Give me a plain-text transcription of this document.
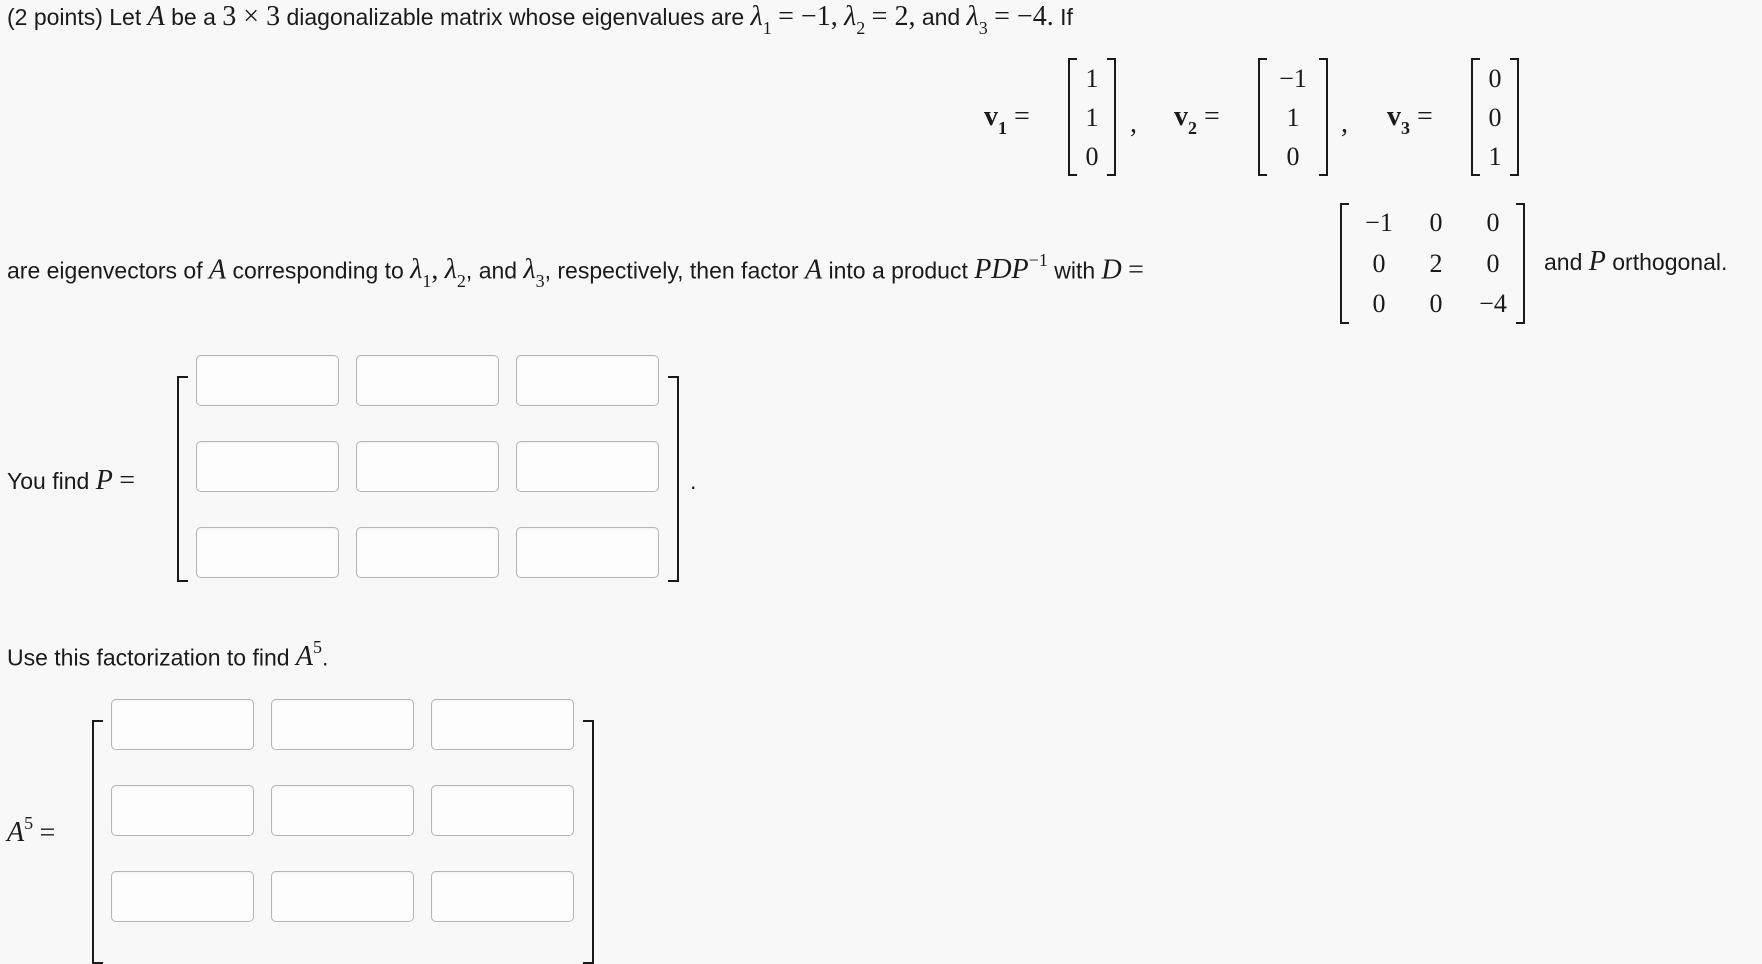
(2 points) Let A be a 3 × 3 diagonalizable matrix whose eigenvalues are $\lambda_1 = -1$, $\lambda_2 = 2$, and $\lambda_3 = -4$. If
$v_1$ =
1
1
0
, $v_2$ =
−1
1
0
, $v_3$ =
0
0
1
are eigenvectors of A corresponding to $\lambda_1$, $\lambda_2$, and $\lambda_3$, respectively, then factor A into a product $PDP^{-1}$ with D =
−1	0	0
0	2	0
0	0	−4
and P orthogonal.
You find P =	.
Use this factorization to find $A^5$.
$A^5$ =
